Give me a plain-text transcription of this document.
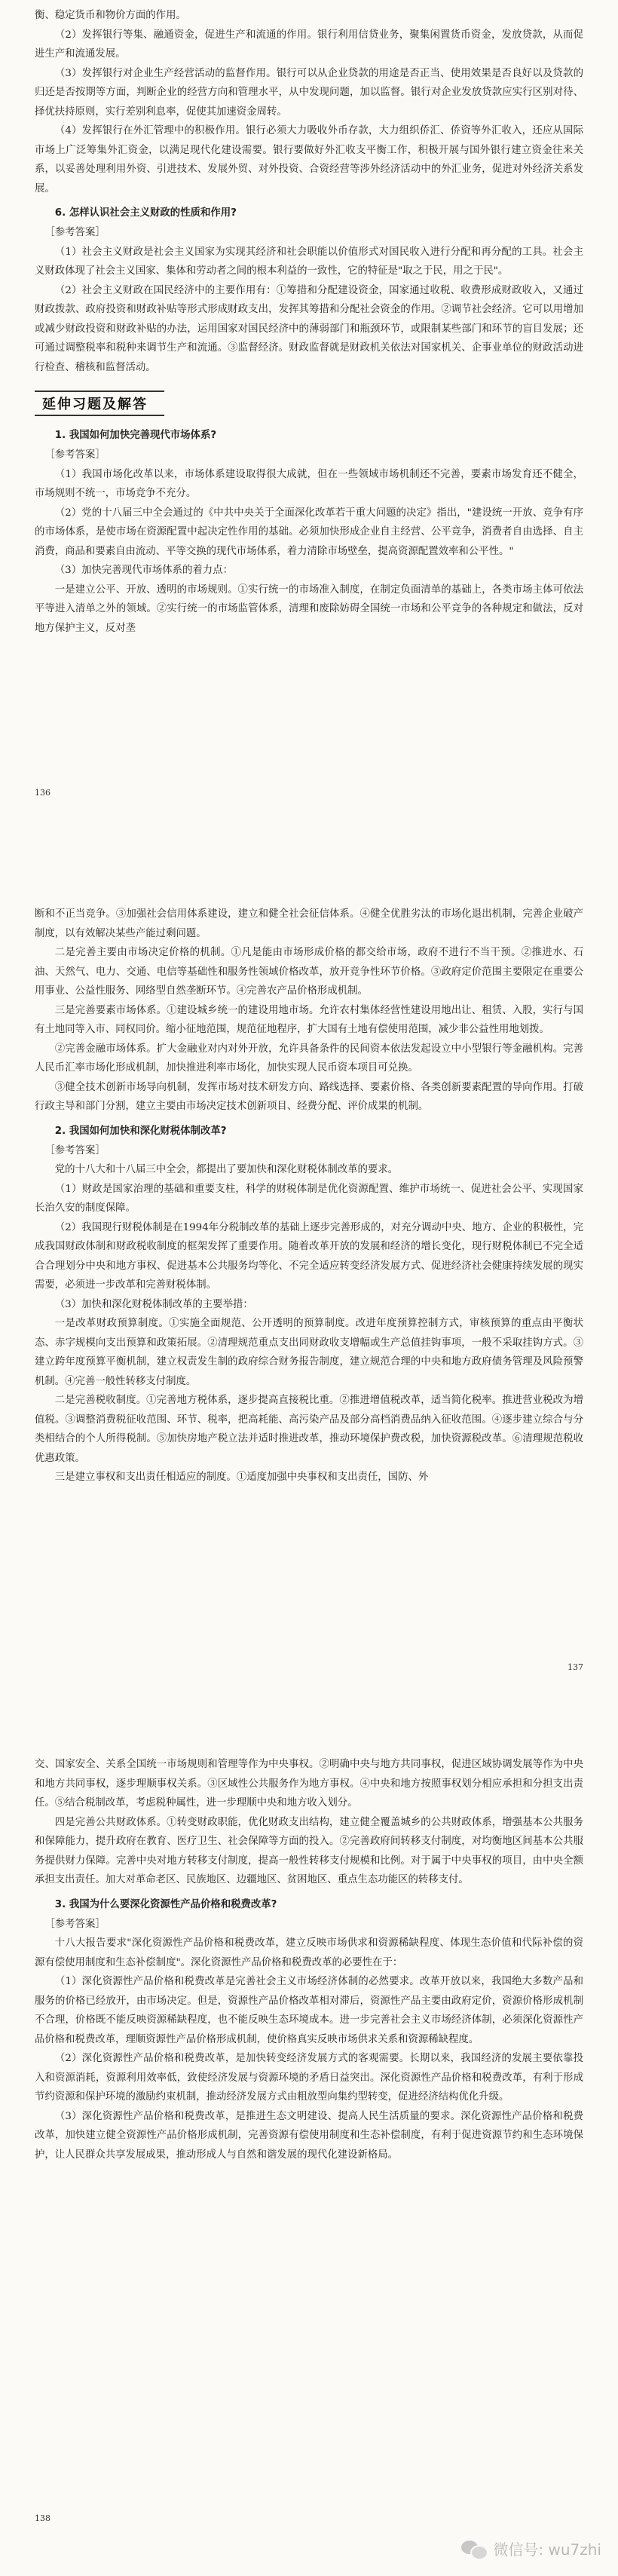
衡、稳定货币和物价方面的作用。

（2）发挥银行等集、融通资金，促进生产和流通的作用。银行利用信贷业务，聚集闲置货币资金，发放贷款，从而促进生产和流通发展。

（3）发挥银行对企业生产经营活动的监督作用。银行可以从企业贷款的用途是否正当、使用效果是否良好以及贷款的归还是否按期等方面，判断企业的经营方向和管理水平，从中发现问题，加以监督。银行对企业发放贷款应实行区别对待、择优扶持原则，实行差别利息率，促使其加速资金周转。

（4）发挥银行在外汇管理中的积极作用。银行必须大力吸收外币存款，大力组织侨汇、侨资等外汇收入，还应从国际市场上广泛筹集外汇资金，以满足现代化建设需要。银行要做好外汇收支平衡工作，积极开展与国外银行建立资金往来关系，以妥善处理利用外资、引进技术、发展外贸、对外投资、合资经营等涉外经济活动中的外汇业务，促进对外经济关系发展。

6. 怎样认识社会主义财政的性质和作用?

［参考答案］

（1）社会主义财政是社会主义国家为实现其经济和社会职能以价值形式对国民收入进行分配和再分配的工具。社会主义财政体现了社会主义国家、集体和劳动者之间的根本利益的一致性，它的特征是"取之于民，用之于民"。

（2）社会主义财政在国民经济中的主要作用有：①筹措和分配建设资金，国家通过收税、收费形成财政收入，又通过财政拨款、政府投资和财政补贴等形式形成财政支出，发挥其筹措和分配社会资金的作用。②调节社会经济。它可以用增加或减少财政投资和财政补贴的办法，运用国家对国民经济中的薄弱部门和瓶颈环节，或限制某些部门和环节的盲目发展；还可通过调整税率和税种来调节生产和流通。③监督经济。财政监督就是财政机关依法对国家机关、企事业单位的财政活动进行检查、稽核和监督活动。

延伸习题及解答

1. 我国如何加快完善现代市场体系?

［参考答案］

（1）我国市场化改革以来，市场体系建设取得很大成就，但在一些领域市场机制还不完善，要素市场发育还不健全，市场规则不统一，市场竞争不充分。

（2）党的十八届三中全会通过的《中共中央关于全面深化改革若干重大问题的决定》指出，"建设统一开放、竞争有序的市场体系，是使市场在资源配置中起决定性作用的基础。必须加快形成企业自主经营、公平竞争，消费者自由选择、自主消费，商品和要素自由流动、平等交换的现代市场体系，着力清除市场壁垒，提高资源配置效率和公平性。"

（3）加快完善现代市场体系的着力点：

一是建立公平、开放、透明的市场规则。①实行统一的市场准入制度，在制定负面清单的基础上，各类市场主体可依法平等进入清单之外的领域。②实行统一的市场监管体系，清理和废除妨碍全国统一市场和公平竞争的各种规定和做法，反对地方保护主义，反对垄

136

断和不正当竞争。③加强社会信用体系建设，建立和健全社会征信体系。④健全优胜劣汰的市场化退出机制，完善企业破产制度，以有效解决某些产能过剩问题。

二是完善主要由市场决定价格的机制。①凡是能由市场形成价格的都交给市场，政府不进行不当干预。②推进水、石油、天然气、电力、交通、电信等基础性和服务性领域价格改革，放开竞争性环节价格。③政府定价范围主要限定在重要公用事业、公益性服务、网络型自然垄断环节。④完善农产品价格形成机制。

三是完善要素市场体系。①建设城乡统一的建设用地市场。允许农村集体经营性建设用地出让、租赁、入股，实行与国有土地同等入市、同权同价。缩小征地范围，规范征地程序，扩大国有土地有偿使用范围，减少非公益性用地划拨。

②完善金融市场体系。扩大金融业对内对外开放，允许具备条件的民间资本依法发起设立中小型银行等金融机构。完善人民币汇率市场化形成机制，加快推进利率市场化，加快实现人民币资本项目可兑换。

③健全技术创新市场导向机制，发挥市场对技术研发方向、路线选择、要素价格、各类创新要素配置的导向作用。打破行政主导和部门分割，建立主要由市场决定技术创新项目、经费分配、评价成果的机制。

2. 我国如何加快和深化财税体制改革?

［参考答案］

党的十八大和十八届三中全会，都提出了要加快和深化财税体制改革的要求。

（1）财政是国家治理的基础和重要支柱，科学的财税体制是优化资源配置、维护市场统一、促进社会公平、实现国家长治久安的制度保障。

（2）我国现行财税体制是在1994年分税制改革的基础上逐步完善形成的，对充分调动中央、地方、企业的积极性，完成我国财政体制和财政税收制度的框架发挥了重要作用。随着改革开放的发展和经济的增长变化，现行财税体制已不完全适合合理划分中央和地方事权、促进基本公共服务均等化、不完全适应转变经济发展方式、促进经济社会健康持续发展的现实需要，必须进一步改革和完善财税体制。

（3）加快和深化财税体制改革的主要举措：

一是改革财政预算制度。①实施全面规范、公开透明的预算制度。改进年度预算控制方式，审核预算的重点由平衡状态、赤字规模向支出预算和政策拓展。②清理规范重点支出同财政收支增幅或生产总值挂钩事项，一般不采取挂钩方式。③建立跨年度预算平衡机制，建立权责发生制的政府综合财务报告制度，建立规范合理的中央和地方政府债务管理及风险预警机制。④完善一般性转移支付制度。

二是完善税收制度。①完善地方税体系，逐步提高直接税比重。②推进增值税改革，适当简化税率。推进营业税改为增值税。③调整消费税征收范围、环节、税率，把高耗能、高污染产品及部分高档消费品纳入征收范围。④逐步建立综合与分类相结合的个人所得税制。⑤加快房地产税立法并适时推进改革，推动环境保护费改税，加快资源税改革。⑥清理规范税收优惠政策。

三是建立事权和支出责任相适应的制度。①适度加强中央事权和支出责任，国防、外

137

交、国家安全、关系全国统一市场规则和管理等作为中央事权。②明确中央与地方共同事权，促进区域协调发展等作为中央和地方共同事权，逐步理顺事权关系。③区域性公共服务作为地方事权。④中央和地方按照事权划分相应承担和分担支出责任。⑤结合税制改革，考虑税种属性，进一步理顺中央和地方收入划分。

四是完善公共财政体系。①转变财政职能，优化财政支出结构，建立健全覆盖城乡的公共财政体系，增强基本公共服务和保障能力，提升政府在教育、医疗卫生、社会保障等方面的投入。②完善政府间转移支付制度，对均衡地区间基本公共服务提供财力保障。完善中央对地方转移支付制度，提高一般性转移支付规模和比例。对于属于中央事权的项目，由中央全额承担支出责任。加大对革命老区、民族地区、边疆地区、贫困地区、重点生态功能区的转移支付。

3. 我国为什么要深化资源性产品价格和税费改革?

［参考答案］

十八大报告要求"深化资源性产品价格和税费改革，建立反映市场供求和资源稀缺程度、体现生态价值和代际补偿的资源有偿使用制度和生态补偿制度"。深化资源性产品价格和税费改革的必要性在于：

（1）深化资源性产品价格和税费改革是完善社会主义市场经济体制的必然要求。改革开放以来，我国绝大多数产品和服务的价格已经放开，由市场决定。但是，资源性产品价格改革相对滞后，资源性产品主要由政府定价，资源价格形成机制不合理，价格既不能反映资源稀缺程度，也不能反映生态环境成本。进一步完善社会主义市场经济体制，必须深化资源性产品价格和税费改革，理顺资源性产品价格形成机制，使价格真实反映市场供求关系和资源稀缺程度。

（2）深化资源性产品价格和税费改革，是加快转变经济发展方式的客观需要。长期以来，我国经济的发展主要依靠投入和资源消耗，资源利用效率低，致使经济发展与资源环境的矛盾日益突出。深化资源性产品价格和税费改革，有利于形成节约资源和保护环境的激励约束机制，推动经济发展方式由粗放型向集约型转变，促进经济结构优化升级。

（3）深化资源性产品价格和税费改革，是推进生态文明建设、提高人民生活质量的要求。深化资源性产品价格和税费改革，加快建立健全资源性产品价格形成机制，完善资源有偿使用制度和生态补偿制度，有利于促进资源节约和生态环境保护，让人民群众共享发展成果，推动形成人与自然和谐发展的现代化建设新格局。

138
微信号: wu7zhi
